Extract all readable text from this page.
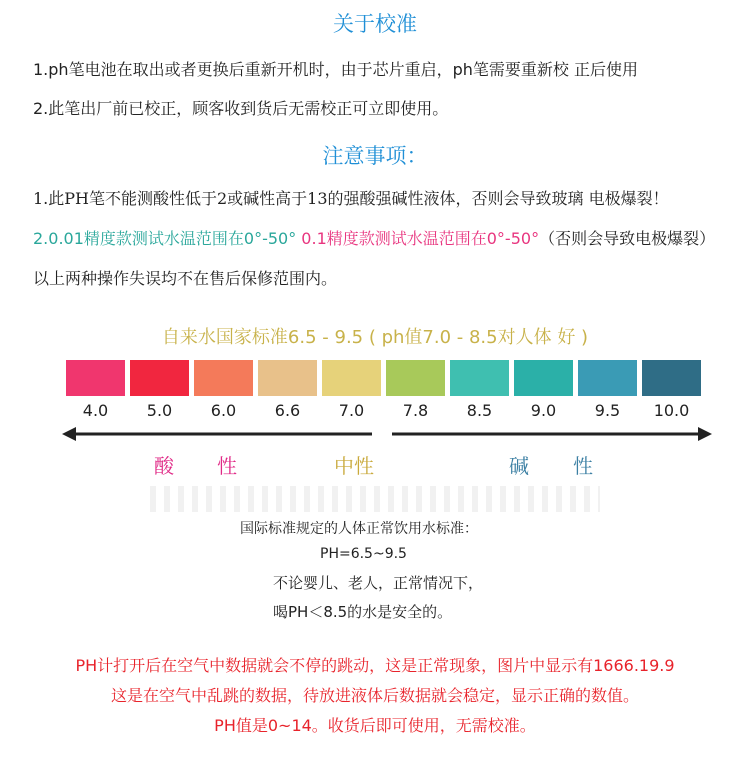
关于校准
1.ph笔电池在取出或者更换后重新开机时，由于芯片重启，ph笔需要重新校 正后使用
2.此笔出厂前已校正，顾客收到货后无需校正可立即使用。
注意事项：
1.此PH笔不能测酸性低于2或碱性高于13的强酸强碱性液体，否则会导致玻璃 电极爆裂！
2.0.01精度款测试水温范围在0°-50° 0.1精度款测试水温范围在0°-50°（否则会导致电极爆裂）
以上两种操作失误均不在售后保修范围内。
自来水国家标准6.5 - 9.5 ( ph值7.0 - 8.5对人体 好 )
4.0	5.0	6.0	6.6	7.0	7.8	8.5	9.0	9.5	10.0
酸 性	中性	碱 性
国际标准规定的人体正常饮用水标准：
PH=6.5~9.5
不论婴儿、老人，正常情况下，
喝PH＜8.5的水是安全的。
PH计打开后在空气中数据就会不停的跳动，这是正常现象，图片中显示有1666.19.9
这是在空气中乱跳的数据，待放进液体后数据就会稳定，显示正确的数值。
PH值是0~14。收货后即可使用，无需校准。
